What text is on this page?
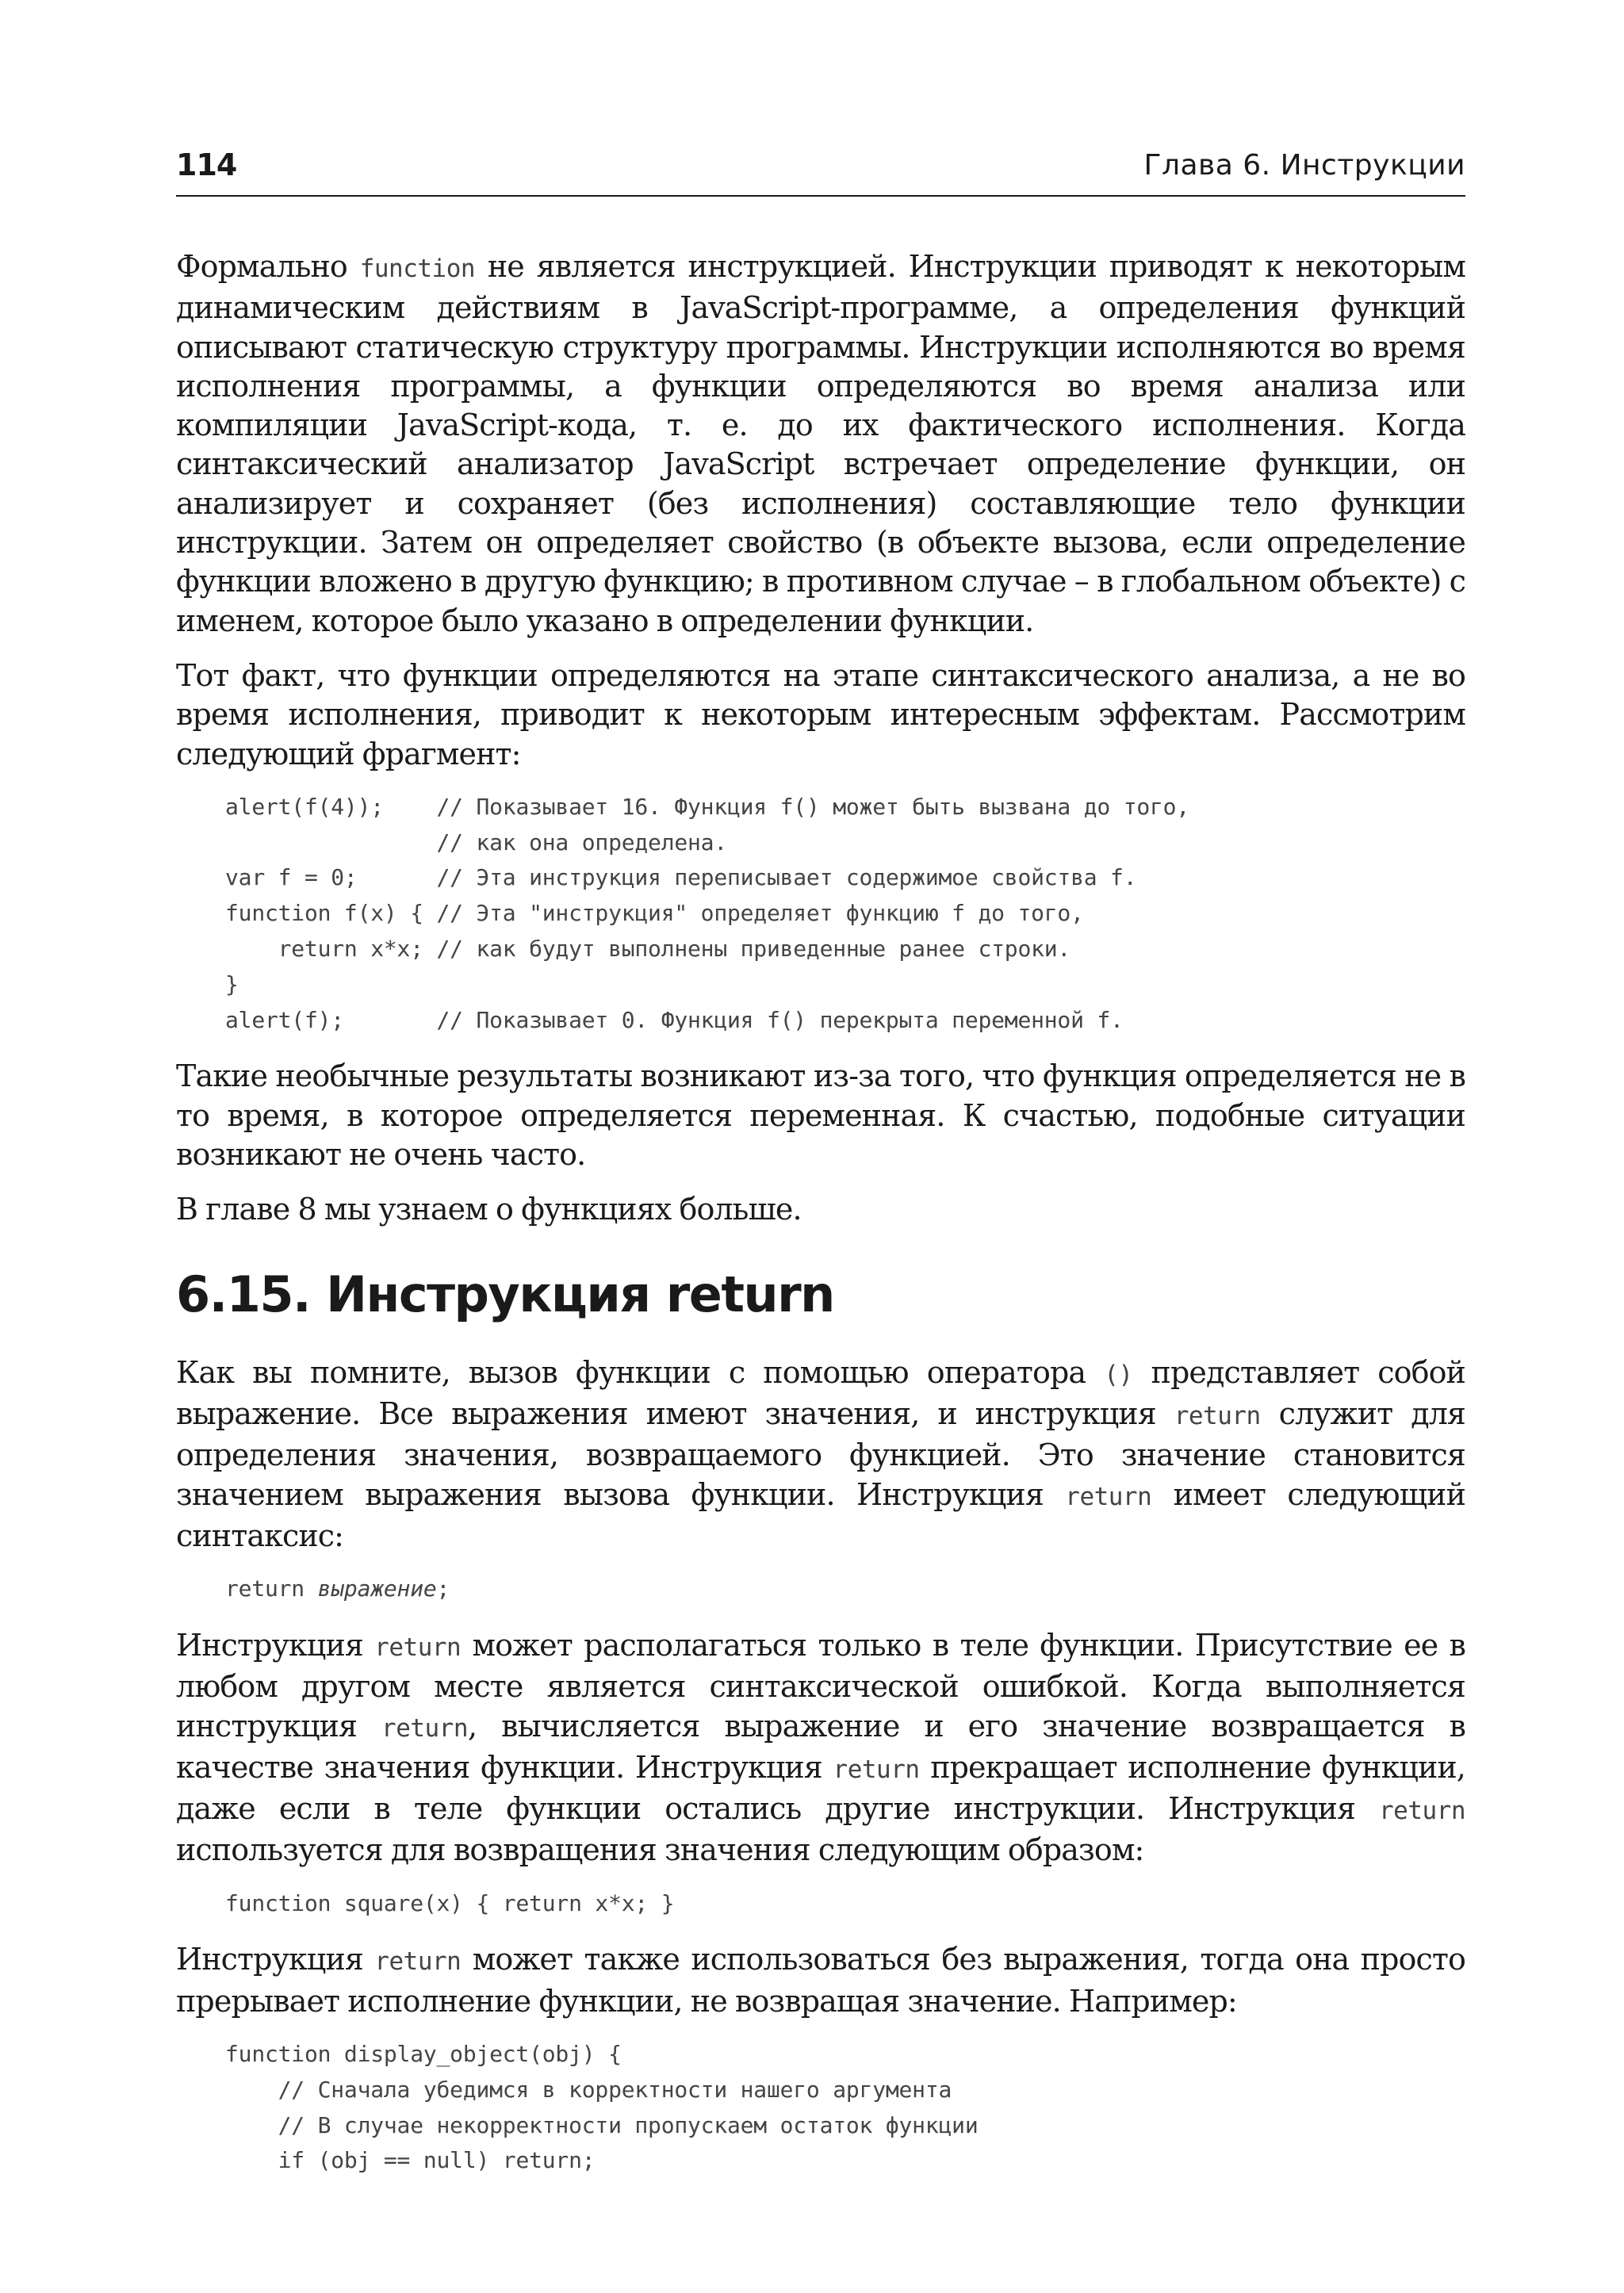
114	Глава 6. Инструкции

Формально function не является инструкцией. Инструкции приводят к некоторым динамическим действиям в JavaScript-программе, а определения функций описывают статическую структуру программы. Инструкции исполняются во время исполнения программы, а функции определяются во время анализа или компиляции JavaScript-кода, т. е. до их фактического исполнения. Когда синтаксический анализатор JavaScript встречает определение функции, он анализирует и сохраняет (без исполнения) составляющие тело функции инструкции. Затем он определяет свойство (в объекте вызова, если определение функции вложено в другую функцию; в противном случае – в глобальном объекте) с именем, которое было указано в определении функции.

Тот факт, что функции определяются на этапе синтаксического анализа, а не во время исполнения, приводит к некоторым интересным эффектам. Рассмотрим следующий фрагмент:

alert(f(4));    // Показывает 16. Функция f() может быть вызвана до того,
// как она определена.
var f = 0;      // Эта инструкция переписывает содержимое свойства f.
function f(x) { // Эта "инструкция" определяет функцию f до того,
return x*x; // как будут выполнены приведенные ранее строки.
}
alert(f);       // Показывает 0. Функция f() перекрыта переменной f.

Такие необычные результаты возникают из-за того, что функция определяется не в то время, в которое определяется переменная. К счастью, подобные ситуации возникают не очень часто.

В главе 8 мы узнаем о функциях больше.

6.15. Инструкция return

Как вы помните, вызов функции с помощью оператора () представляет собой выражение. Все выражения имеют значения, и инструкция return служит для определения значения, возвращаемого функцией. Это значение становится значением выражения вызова функции. Инструкция return имеет следующий синтаксис:

return выражение;

Инструкция return может располагаться только в теле функции. Присутствие ее в любом другом месте является синтаксической ошибкой. Когда выполняется инструкция return, вычисляется выражение и его значение возвращается в качестве значения функции. Инструкция return прекращает исполнение функции, даже если в теле функции остались другие инструкции. Инструкция return используется для возвращения значения следующим образом:

function square(x) { return x*x; }

Инструкция return может также использоваться без выражения, тогда она просто прерывает исполнение функции, не возвращая значение. Например:

function display_object(obj) {
// Сначала убедимся в корректности нашего аргумента
// В случае некорректности пропускаем остаток функции
if (obj == null) return;
